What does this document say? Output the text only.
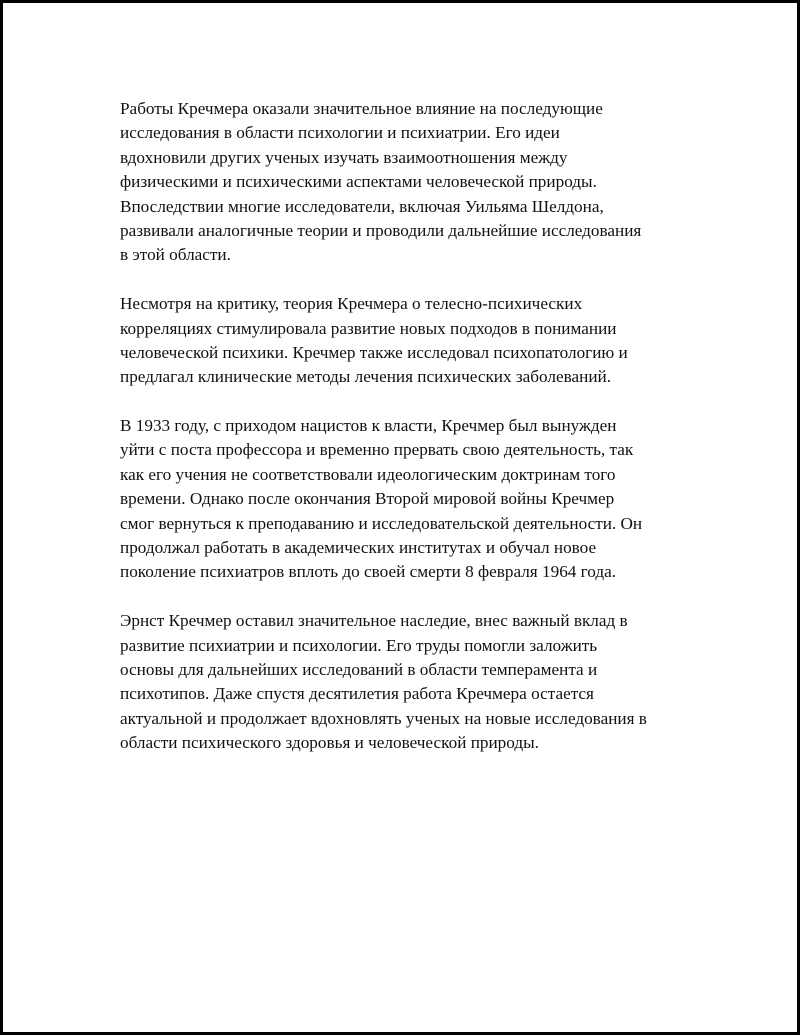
Работы Кречмера оказали значительное влияние на последующие
исследования в области психологии и психиатрии. Его идеи
вдохновили других ученых изучать взаимоотношения между
физическими и психическими аспектами человеческой природы.
Впоследствии многие исследователи, включая Уильяма Шелдона,
развивали аналогичные теории и проводили дальнейшие исследования
в этой области.

Несмотря на критику, теория Кречмера о телесно-психических
корреляциях стимулировала развитие новых подходов в понимании
человеческой психики. Кречмер также исследовал психопатологию и
предлагал клинические методы лечения психических заболеваний.

В 1933 году, с приходом нацистов к власти, Кречмер был вынужден
уйти с поста профессора и временно прервать свою деятельность, так
как его учения не соответствовали идеологическим доктринам того
времени. Однако после окончания Второй мировой войны Кречмер
смог вернуться к преподаванию и исследовательской деятельности. Он
продолжал работать в академических институтах и обучал новое
поколение психиатров вплоть до своей смерти 8 февраля 1964 года.

Эрнст Кречмер оставил значительное наследие, внес важный вклад в
развитие психиатрии и психологии. Его труды помогли заложить
основы для дальнейших исследований в области темперамента и
психотипов. Даже спустя десятилетия работа Кречмера остается
актуальной и продолжает вдохновлять ученых на новые исследования в
области психического здоровья и человеческой природы.
